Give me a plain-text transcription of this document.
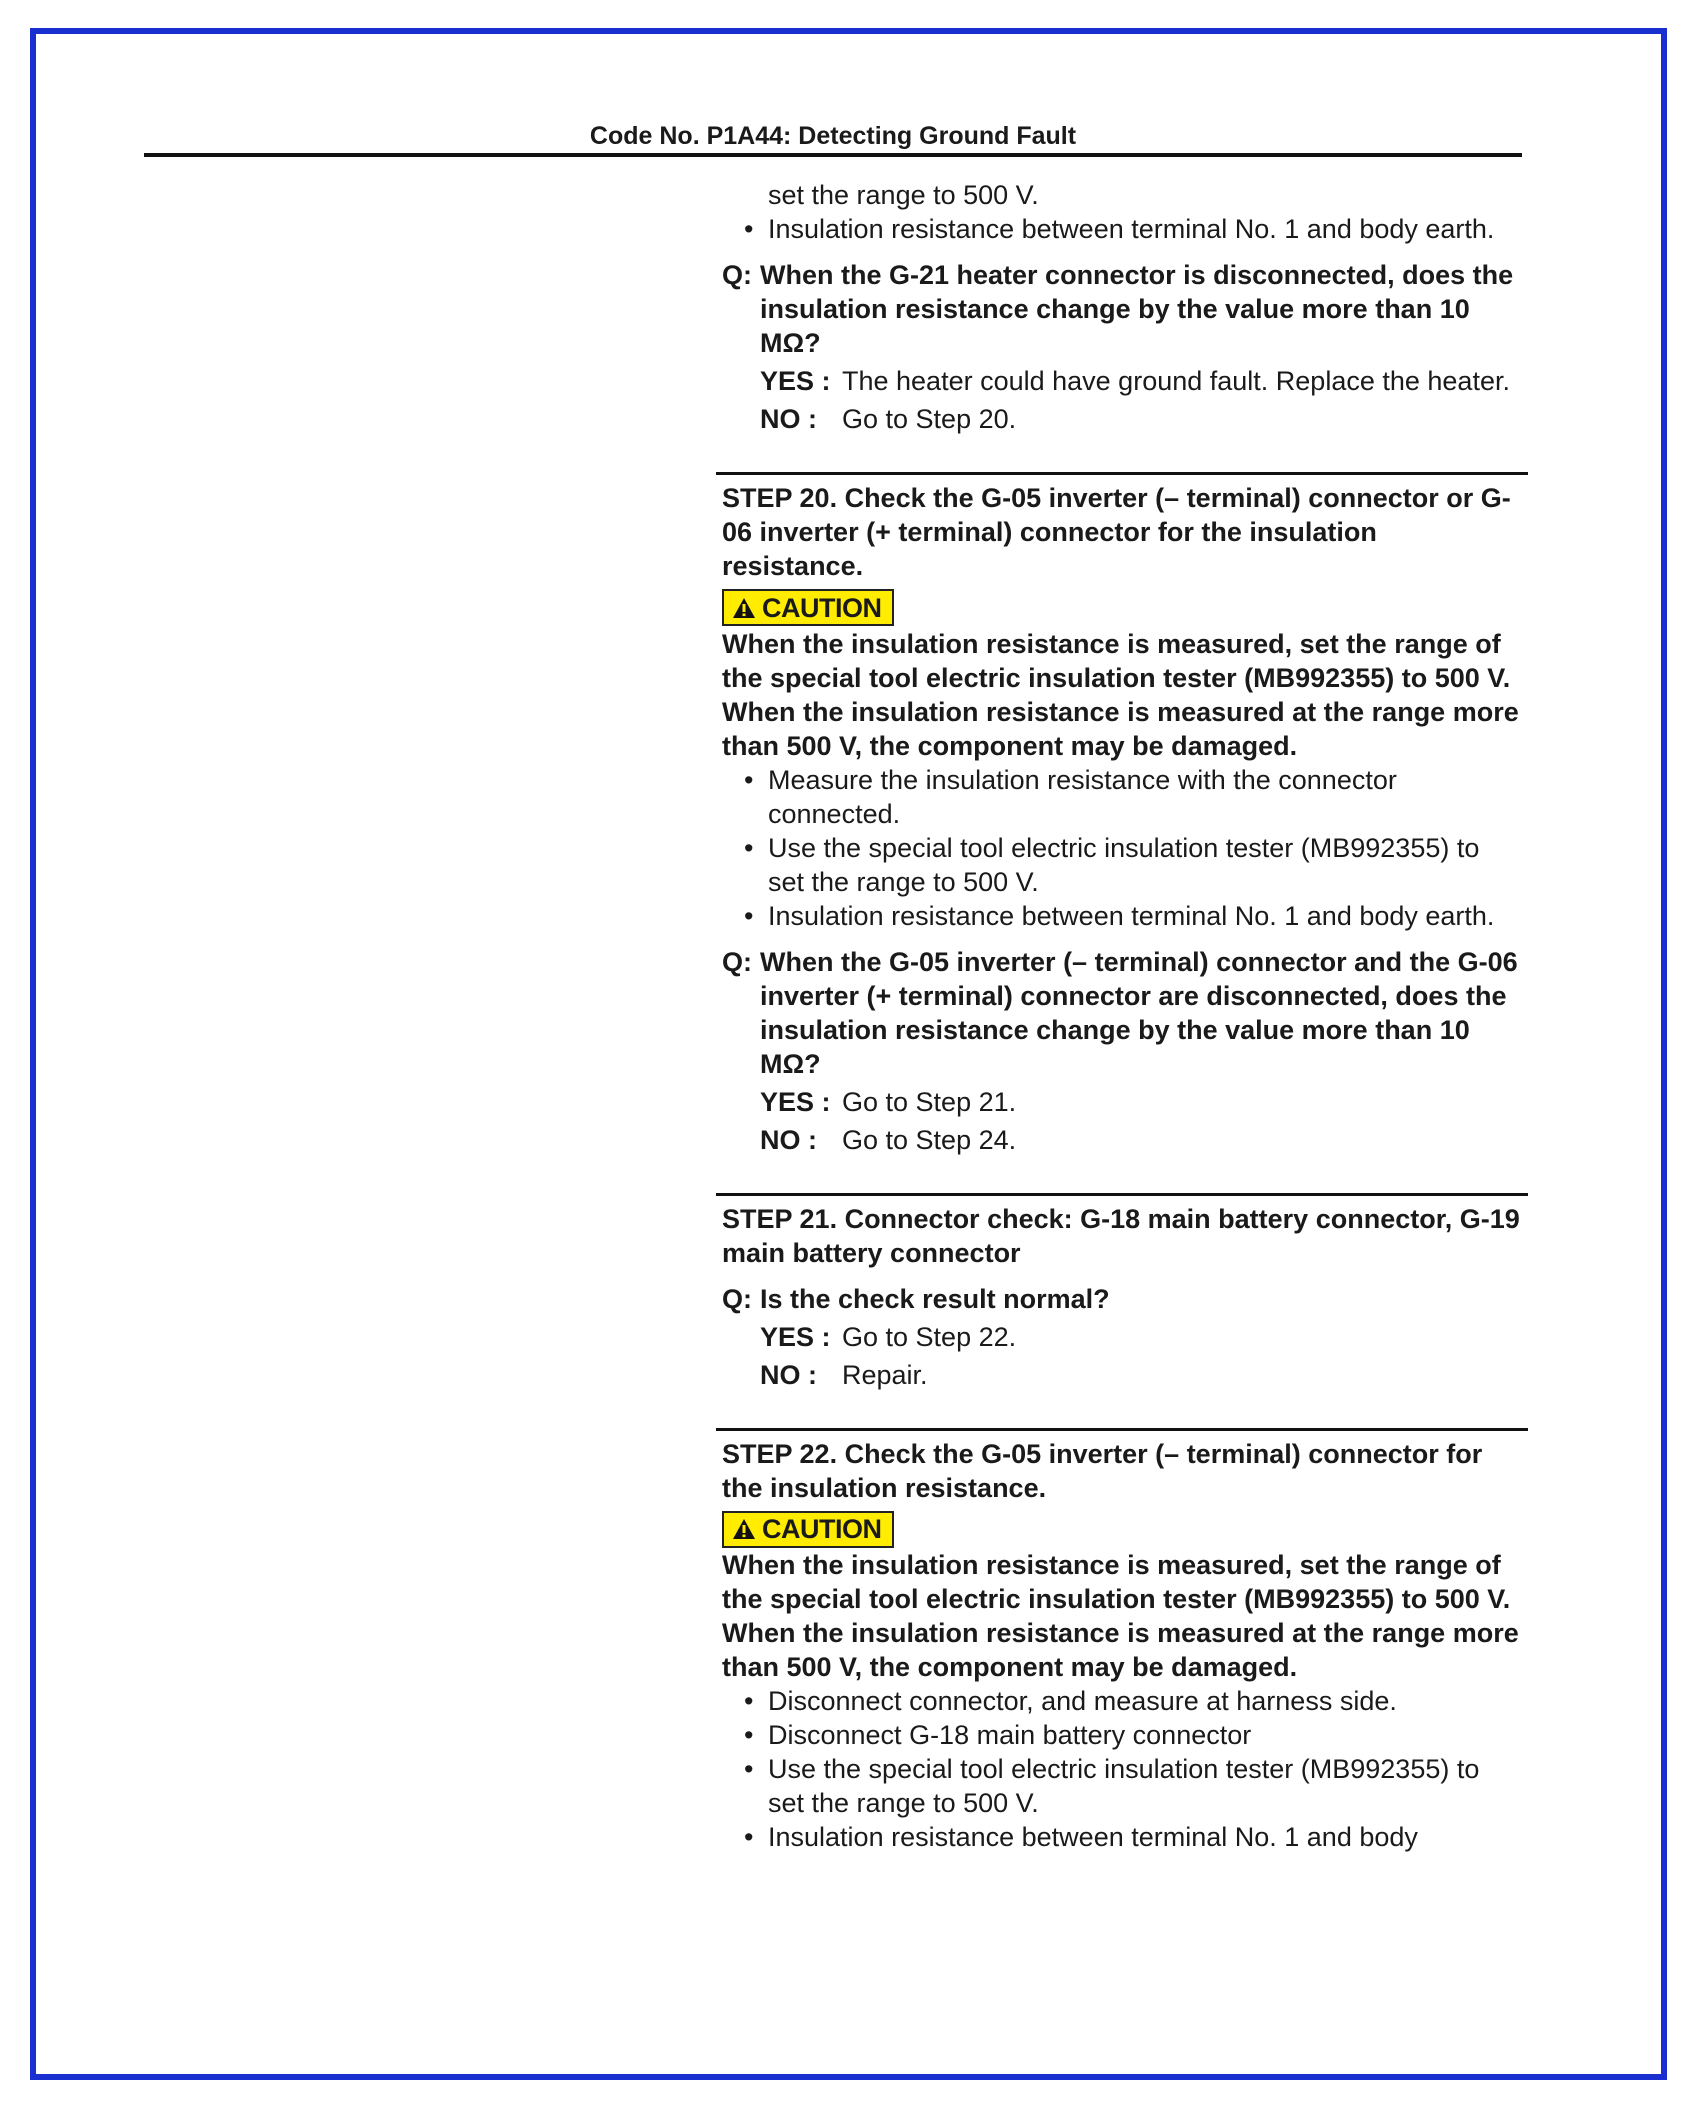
Code No. P1A44: Detecting Ground Fault

set the range to 500 V.

• Insulation resistance between terminal No. 1 and body earth.
Q: When the G-21 heater connector is disconnected, does the insulation resistance change by the value more than 10 MΩ?
YES : The heater could have ground fault. Replace the heater.
NO : Go to Step 20.

STEP 20. Check the G-05 inverter (– terminal) connector or G-06 inverter (+ terminal) connector for the insulation resistance.

CAUTION

When the insulation resistance is measured, set the range of the special tool electric insulation tester (MB992355) to 500 V. When the insulation resistance is measured at the range more than 500 V, the component may be damaged.

• Measure the insulation resistance with the connector connected.
• Use the special tool electric insulation tester (MB992355) to set the range to 500 V.
• Insulation resistance between terminal No. 1 and body earth.
Q: When the G-05 inverter (– terminal) connector and the G-06 inverter (+ terminal) connector are disconnected, does the insulation resistance change by the value more than 10 MΩ?
YES : Go to Step 21.
NO : Go to Step 24.

STEP 21. Connector check: G-18 main battery connector, G-19 main battery connector

Q: Is the check result normal?
YES : Go to Step 22.
NO : Repair.

STEP 22. Check the G-05 inverter (– terminal) connector for the insulation resistance.

CAUTION

When the insulation resistance is measured, set the range of the special tool electric insulation tester (MB992355) to 500 V. When the insulation resistance is measured at the range more than 500 V, the component may be damaged.

• Disconnect connector, and measure at harness side.
• Disconnect G-18 main battery connector
• Use the special tool electric insulation tester (MB992355) to set the range to 500 V.
• Insulation resistance between terminal No. 1 and body
